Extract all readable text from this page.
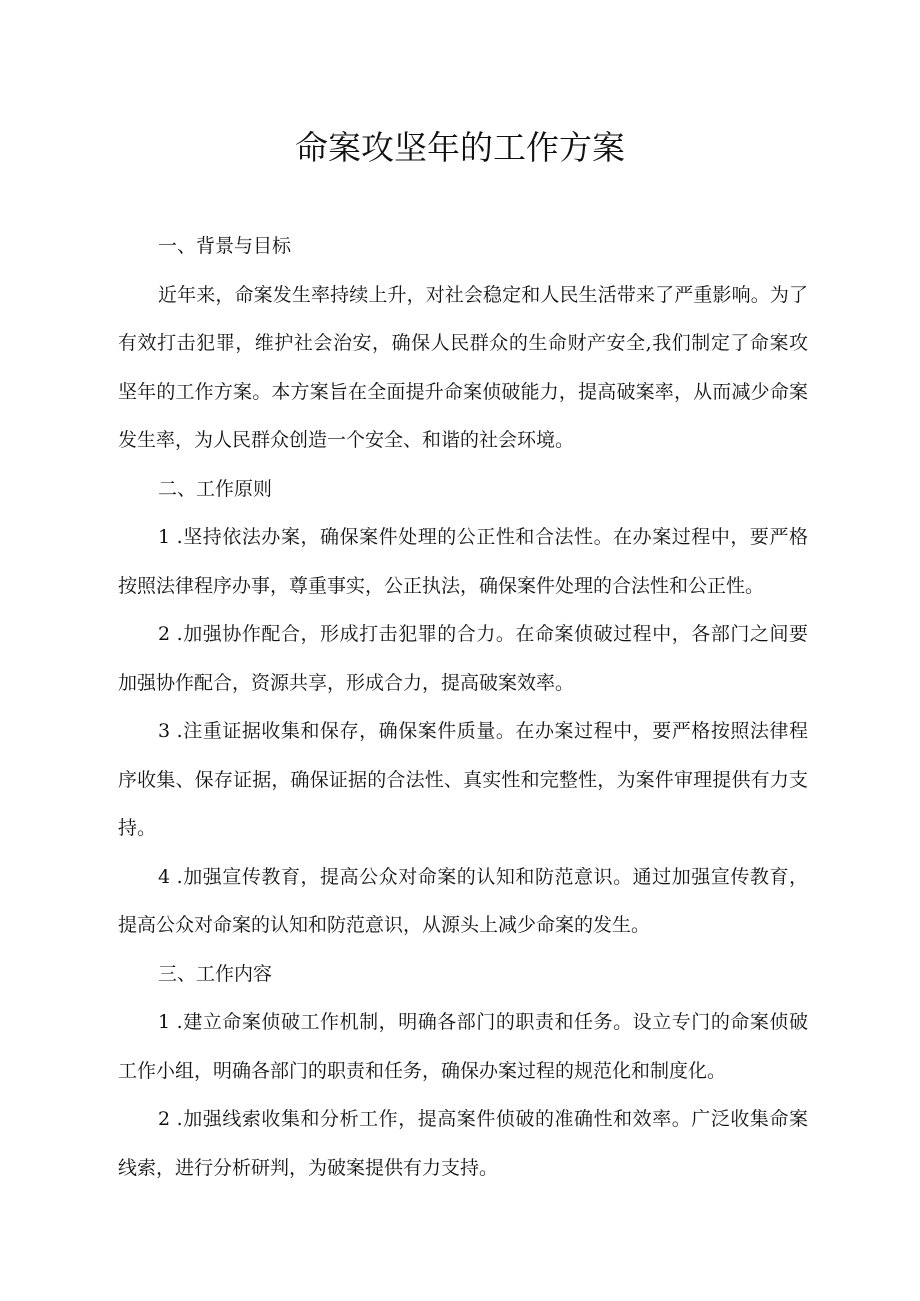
命案攻坚年的工作方案

一、背景与目标

近年来，命案发生率持续上升，对社会稳定和人民生活带来了严重影响。为了有效打击犯罪，维护社会治安，确保人民群众的生命财产安全,我们制定了命案攻坚年的工作方案。本方案旨在全面提升命案侦破能力，提高破案率，从而减少命案发生率，为人民群众创造一个安全、和谐的社会环境。

二、工作原则

1 .坚持依法办案，确保案件处理的公正性和合法性。在办案过程中，要严格按照法律程序办事，尊重事实，公正执法，确保案件处理的合法性和公正性。

2 .加强协作配合，形成打击犯罪的合力。在命案侦破过程中，各部门之间要加强协作配合，资源共享，形成合力，提高破案效率。

3 .注重证据收集和保存，确保案件质量。在办案过程中，要严格按照法律程序收集、保存证据，确保证据的合法性、真实性和完整性，为案件审理提供有力支持。

4 .加强宣传教育，提高公众对命案的认知和防范意识。通过加强宣传教育，提高公众对命案的认知和防范意识，从源头上减少命案的发生。

三、工作内容

1 .建立命案侦破工作机制，明确各部门的职责和任务。设立专门的命案侦破工作小组，明确各部门的职责和任务，确保办案过程的规范化和制度化。

2 .加强线索收集和分析工作，提高案件侦破的准确性和效率。广泛收集命案线索，进行分析研判，为破案提供有力支持。
